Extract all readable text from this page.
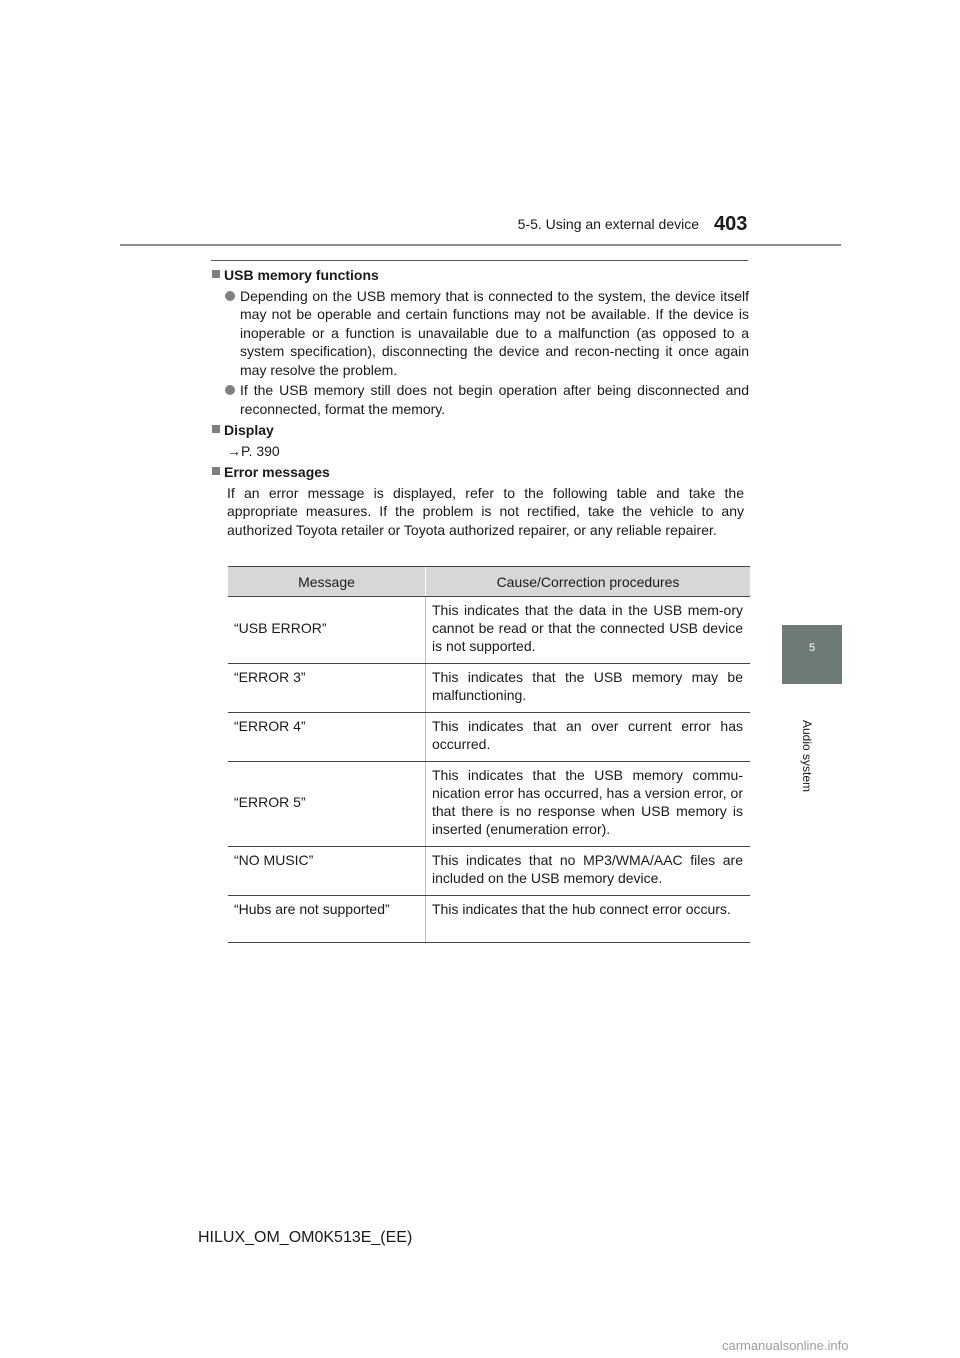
5-5. Using an external device 403
5
Audio system

USB memory functions

Depending on the USB memory that is connected to the system, the device itself may not be operable and certain functions may not be available. If the device is inoperable or a function is unavailable due to a malfunction (as opposed to a system specification), disconnecting the device and recon-necting it once again may resolve the problem.

If the USB memory still does not begin operation after being disconnected and reconnected, format the memory.

Display

→P. 390

Error messages

If an error message is displayed, refer to the following table and take the appropriate measures. If the problem is not rectified, take the vehicle to any authorized Toyota retailer or Toyota authorized repairer, or any reliable repairer.

Message	Cause/Correction procedures
“USB ERROR”	This indicates that the data in the USB mem-ory cannot be read or that the connected USB device is not supported.
“ERROR 3”	This indicates that the USB memory may be malfunctioning.
“ERROR 4”	This indicates that an over current error has occurred.
“ERROR 5”	This indicates that the USB memory commu-nication error has occurred, has a version error, or that there is no response when USB memory is inserted (enumeration error).
“NO MUSIC”	This indicates that no MP3/WMA/AAC files are included on the USB memory device.
“Hubs are not supported”	This indicates that the hub connect error occurs.
HILUX_OM_OM0K513E_(EE)
carmanualsonline.info
